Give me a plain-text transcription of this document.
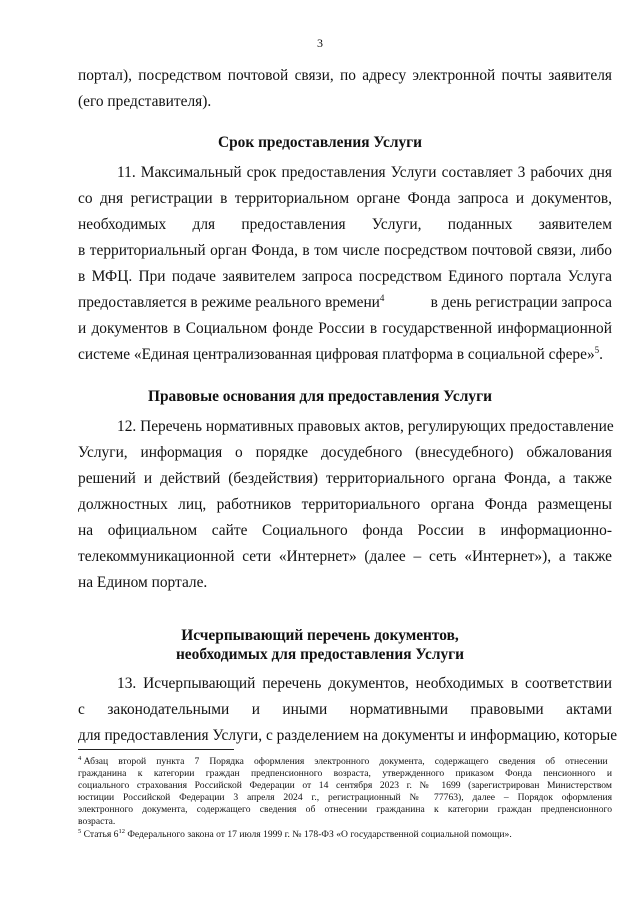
3
портал), посредством почтовой связи, по адресу электронной почты заявителя
(его представителя).
Срок предоставления Услуги
11. Максимальный срок предоставления Услуги составляет 3 рабочих дня
со дня регистрации в территориальном органе Фонда запроса и документов,
необходимых для предоставления Услуги, поданных заявителем
в территориальный орган Фонда, в том числе посредством почтовой связи, либо
в МФЦ. При подаче заявителем запроса посредством Единого портала Услуга
предоставляется в режиме реального времени$^4$	в день регистрации запроса
и документов в Социальном фонде России в государственной информационной
системе «Единая централизованная цифровая платформа в социальной сфере»$^5$.
Правовые основания для предоставления Услуги
12. Перечень нормативных правовых актов, регулирующих предоставление
Услуги, информация о порядке досудебного (внесудебного) обжалования
решений и действий (бездействия) территориального органа Фонда, а также
должностных лиц, работников территориального органа Фонда размещены
на официальном сайте Социального фонда России в информационно-
телекоммуникационной сети «Интернет» (далее – сеть «Интернет»), а также
на Едином портале.
Исчерпывающий перечень документов,
необходимых для предоставления Услуги
13. Исчерпывающий перечень документов, необходимых в соответствии
с законодательными и иными нормативными правовыми актами
для предоставления Услуги, с разделением на документы и информацию, которые
$^4$ Абзац второй пункта 7 Порядка оформления электронного документа, содержащего сведения об отнесении
гражданина к категории граждан предпенсионного возраста, утвержденного приказом Фонда пенсионного и
социального страхования Российской Федерации от 14 сентября 2023 г. № 1699 (зарегистрирован Министерством
юстиции Российской Федерации 3 апреля 2024 г., регистрационный № 77763), далее – Порядок оформления
электронного документа, содержащего сведения об отнесении гражданина к категории граждан предпенсионного
возраста.
$^5$ Статья $6^{12}$ Федерального закона от 17 июля 1999 г. № 178-ФЗ «О государственной социальной помощи».
